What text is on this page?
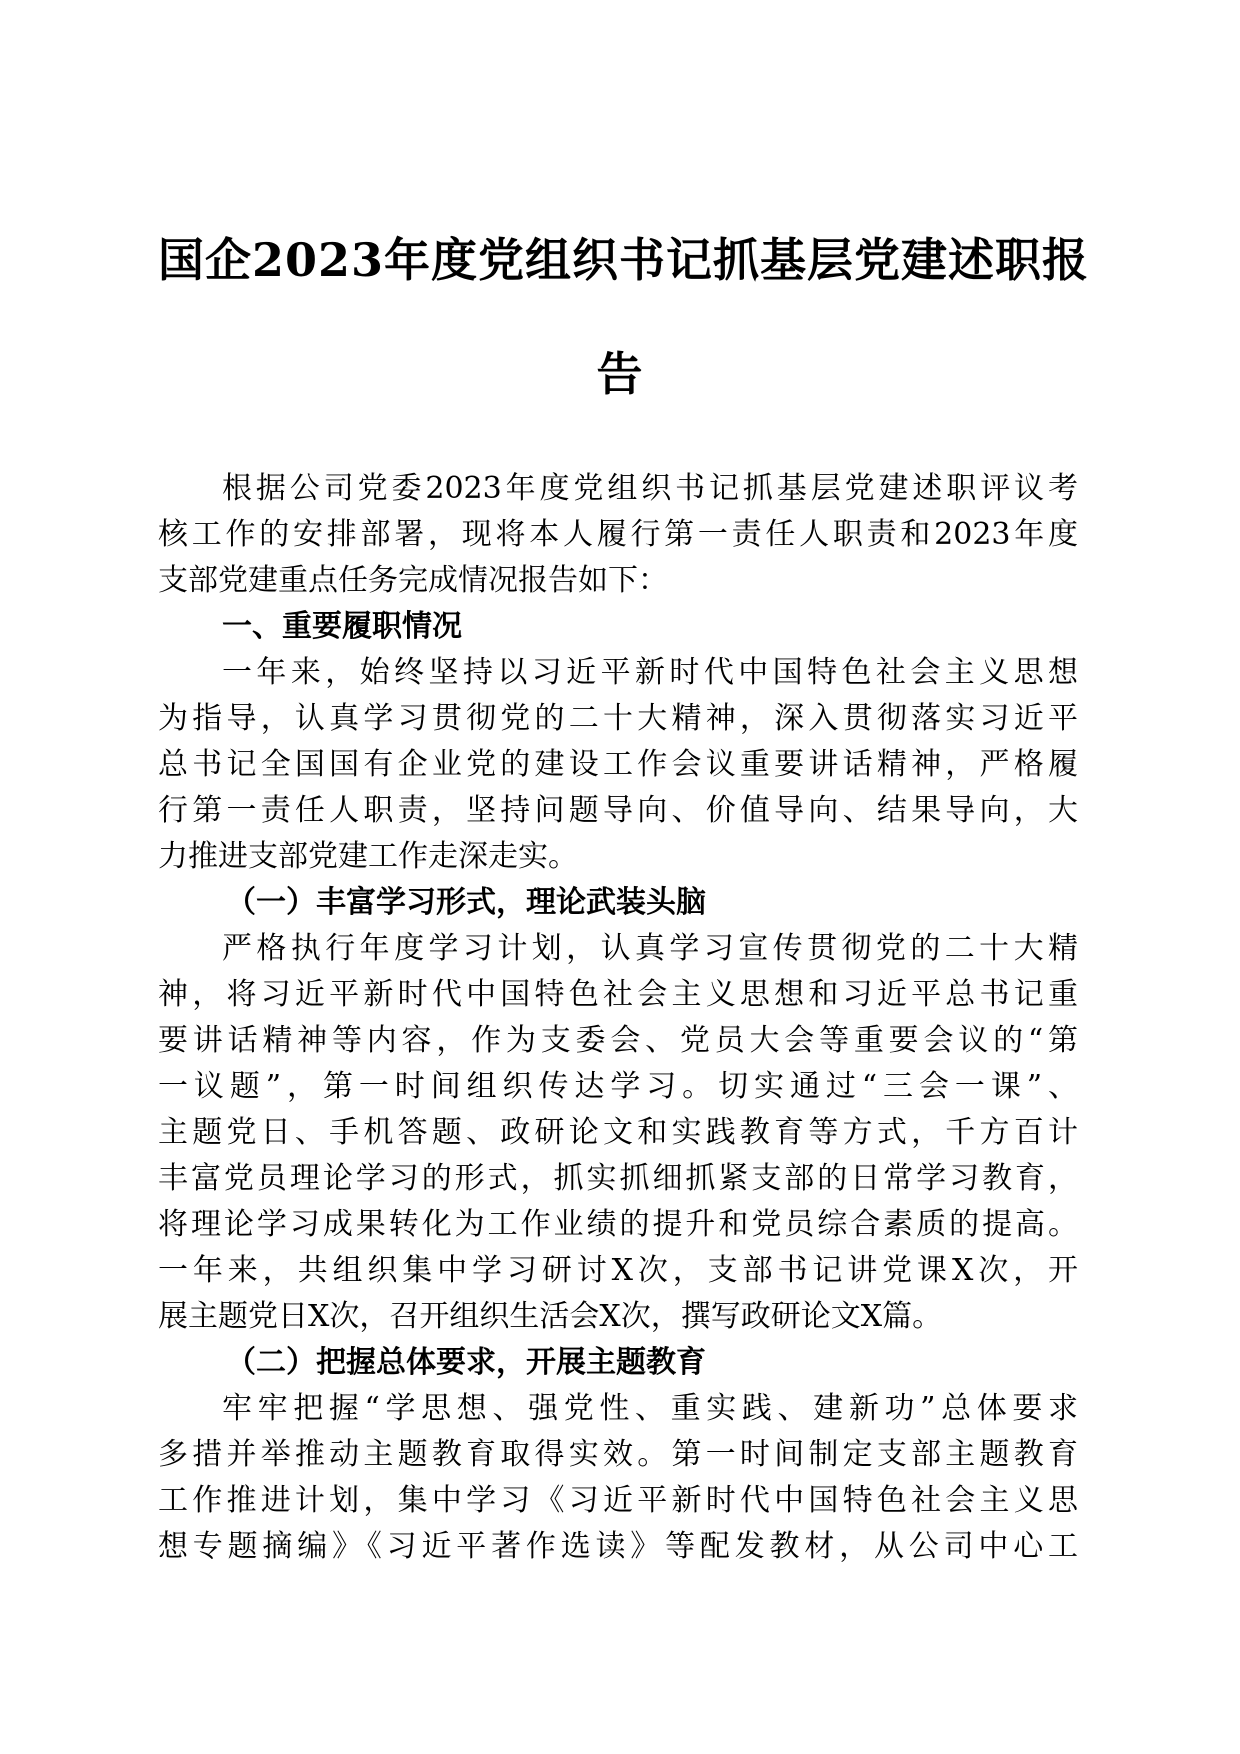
国企2023年度党组织书记抓基层党建述职报
告
根据公司党委2023年度党组织书记抓基层党建述职评议考
核工作的安排部署，现将本人履行第一责任人职责和2023年度
支部党建重点任务完成情况报告如下：
一、重要履职情况
一年来，始终坚持以习近平新时代中国特色社会主义思想
为指导，认真学习贯彻党的二十大精神，深入贯彻落实习近平
总书记全国国有企业党的建设工作会议重要讲话精神，严格履
行第一责任人职责，坚持问题导向、价值导向、结果导向，大
力推进支部党建工作走深走实。
（一）丰富学习形式，理论武装头脑
严格执行年度学习计划，认真学习宣传贯彻党的二十大精
神，将习近平新时代中国特色社会主义思想和习近平总书记重
要讲话精神等内容，作为支委会、党员大会等重要会议的“第
一议题”，第一时间组织传达学习。切实通过“三会一课”、
主题党日、手机答题、政研论文和实践教育等方式，千方百计
丰富党员理论学习的形式，抓实抓细抓紧支部的日常学习教育，
将理论学习成果转化为工作业绩的提升和党员综合素质的提高。
一年来，共组织集中学习研讨X次，支部书记讲党课X次，开
展主题党日X次，召开组织生活会X次，撰写政研论文X篇。
（二）把握总体要求，开展主题教育
牢牢把握“学思想、强党性、重实践、建新功”总体要求
多措并举推动主题教育取得实效。第一时间制定支部主题教育
工作推进计划，集中学习《习近平新时代中国特色社会主义思
想专题摘编》《习近平著作选读》等配发教材，从公司中心工
